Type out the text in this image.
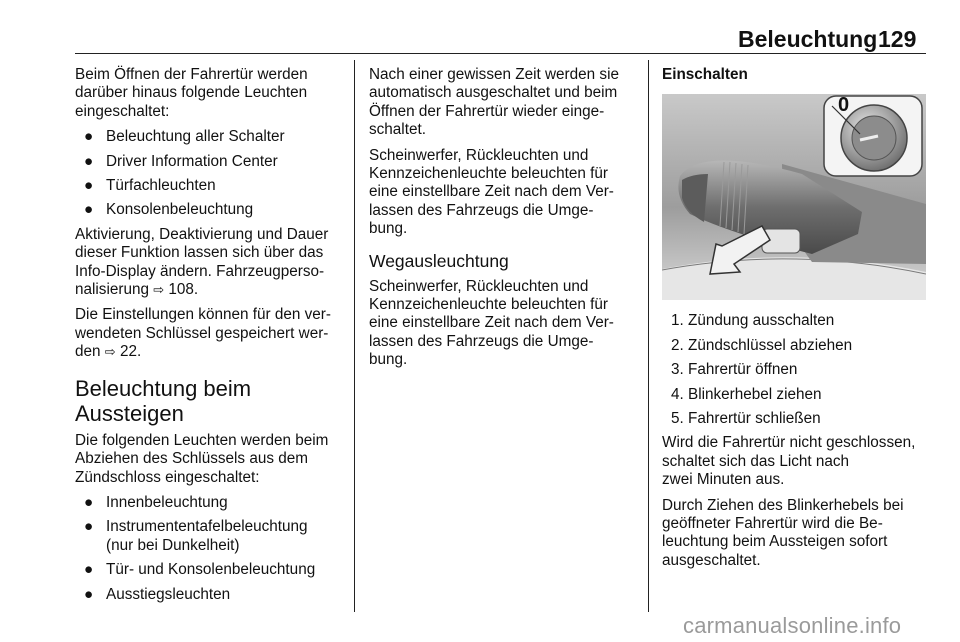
Beleuchtung 129

Beim Öffnen der Fahrertür werden
darüber hinaus folgende Leuchten
eingeschaltet:

● Beleuchtung aller Schalter
● Driver Information Center
● Türfachleuchten
● Konsolenbeleuchtung

Aktivierung, Deaktivierung und Dauer
dieser Funktion lassen sich über das
Info-Display ändern. Fahrzeugperso-
nalisierung ⇨ 108.

Die Einstellungen können für den ver-
wendeten Schlüssel gespeichert wer-
den ⇨ 22.

Beleuchtung beim
Aussteigen

Die folgenden Leuchten werden beim
Abziehen des Schlüssels aus dem
Zündschloss eingeschaltet:

● Innenbeleuchtung
● Instrumententafelbeleuchtung
(nur bei Dunkelheit)
● Tür- und Konsolenbeleuchtung
● Ausstiegsleuchten

Nach einer gewissen Zeit werden sie
automatisch ausgeschaltet und beim
Öffnen der Fahrertür wieder einge-
schaltet.

Scheinwerfer, Rückleuchten und
Kennzeichenleuchte beleuchten für
eine einstellbare Zeit nach dem Ver-
lassen des Fahrzeugs die Umge-
bung.

Wegausleuchtung

Scheinwerfer, Rückleuchten und
Kennzeichenleuchte beleuchten für
eine einstellbare Zeit nach dem Ver-
lassen des Fahrzeugs die Umge-
bung.

Einschalten

0
1. Zündung ausschalten
2. Zündschlüssel abziehen
3. Fahrertür öffnen
4. Blinkerhebel ziehen
5. Fahrertür schließen

Wird die Fahrertür nicht geschlossen,
schaltet sich das Licht nach
zwei Minuten aus.

Durch Ziehen des Blinkerhebels bei
geöffneter Fahrertür wird die Be-
leuchtung beim Aussteigen sofort
ausgeschaltet.

carmanualsonline.info
